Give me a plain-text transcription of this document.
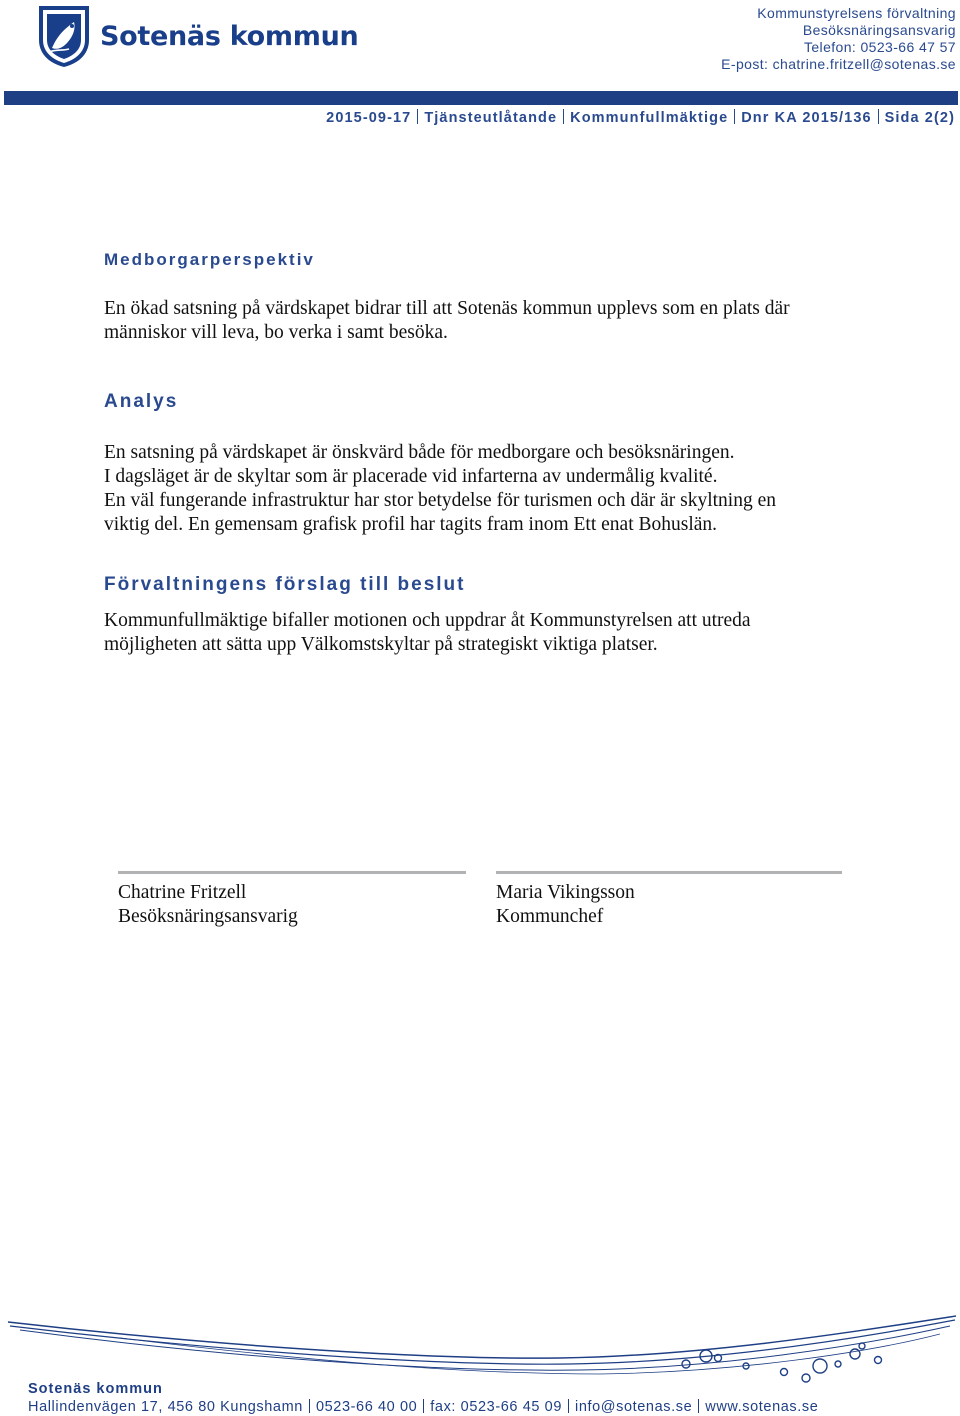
Sotenäs kommun
Kommunstyrelsens förvaltning
Besöksnäringsansvarig
Telefon: 0523-66 47 57
E-post: chatrine.fritzell@sotenas.se
2015-09-17 Tjänsteutlåtande Kommunfullmäktige Dnr KA 2015/136 Sida 2(2)
Medborgarperspektiv

En ökad satsning på värdskapet bidrar till att Sotenäs kommun upplevs som en plats där
människor vill leva, bo verka i samt besöka.

Analys

En satsning på värdskapet är önskvärd både för medborgare och besöksnäringen.
I dagsläget är de skyltar som är placerade vid infarterna av undermålig kvalité.
En väl fungerande infrastruktur har stor betydelse för turismen och där är skyltning en
viktig del. En gemensam grafisk profil har tagits fram inom Ett enat Bohuslän.

Förvaltningens förslag till beslut

Kommunfullmäktige bifaller motionen och uppdrar åt Kommunstyrelsen att utreda
möjligheten att sätta upp Välkomstskyltar på strategiskt viktiga platser.

Chatrine Fritzell
Besöksnäringsansvarig
Maria Vikingsson
Kommunchef
Sotenäs kommun
Hallindenvägen 17, 456 80 Kungshamn 0523-66 40 00 fax: 0523-66 45 09 info@sotenas.se www.sotenas.se
